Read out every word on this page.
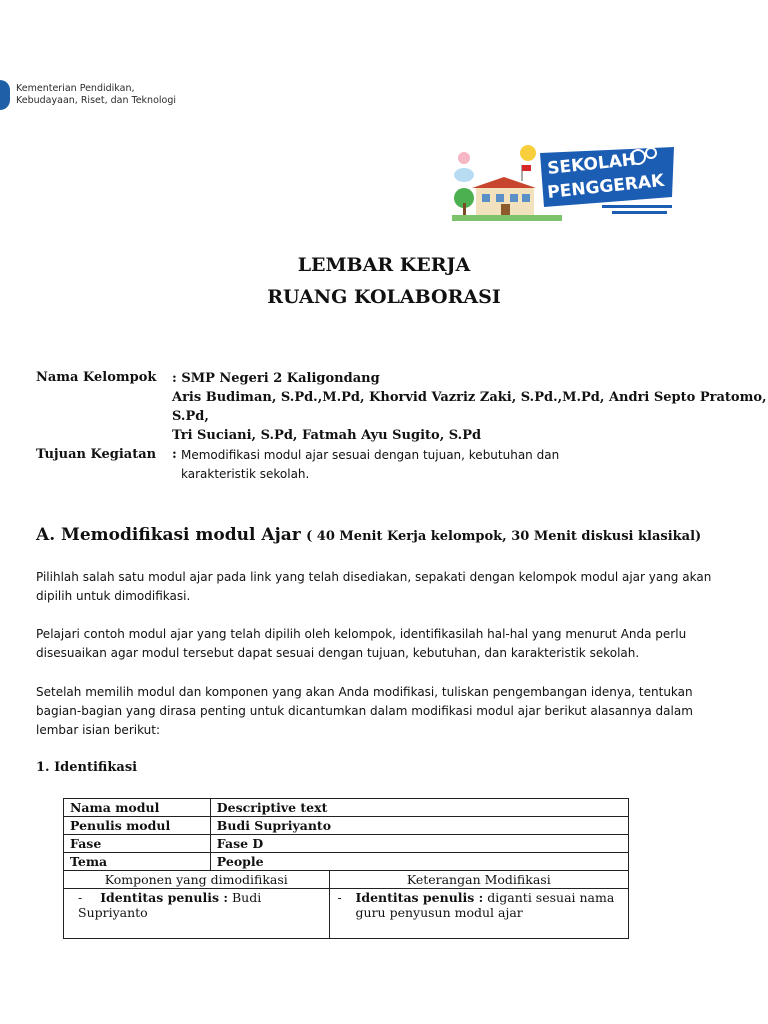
Kementerian Pendidikan,
Kebudayaan, Riset, dan Teknologi
SEKOLAH
PENGGERAK
LEMBAR KERJA
RUANG KOLABORASI
Nama Kelompok : SMP Negeri 2 Kaligondang
Aris Budiman, S.Pd.,M.Pd, Khorvid Vazriz Zaki, S.Pd.,M.Pd, Andri Septo Pratomo, S.Pd,
Tri Suciani, S.Pd, Fatmah Ayu Sugito, S.Pd
Tujuan Kegiatan : Memodifikasi modul ajar sesuai dengan tujuan, kebutuhan dan
karakteristik sekolah.
A. Memodifikasi modul Ajar ( 40 Menit Kerja kelompok, 30 Menit diskusi klasikal)
Pilihlah salah satu modul ajar pada link yang telah disediakan, sepakati dengan kelompok modul ajar yang akan dipilih untuk dimodifikasi.
Pelajari contoh modul ajar yang telah dipilih oleh kelompok, identifikasilah hal-hal yang menurut Anda perlu disesuaikan agar modul tersebut dapat sesuai dengan tujuan, kebutuhan, dan karakteristik sekolah.
Setelah memilih modul dan komponen yang akan Anda modifikasi, tuliskan pengembangan idenya, tentukan bagian-bagian yang dirasa penting untuk dicantumkan dalam modifikasi modul ajar berikut alasannya dalam lembar isian berikut:
1. Identifikasi
Nama modul	Descriptive text	
Penulis modul	Budi Supriyanto	
Fase	Fase D	
Tema	People	
Komponen yang dimodifikasi		Keterangan Modifikasi
- Identitas penulis : Budi Supriyanto		- Identitas penulis : diganti sesuai nama guru penyusun modul ajar
